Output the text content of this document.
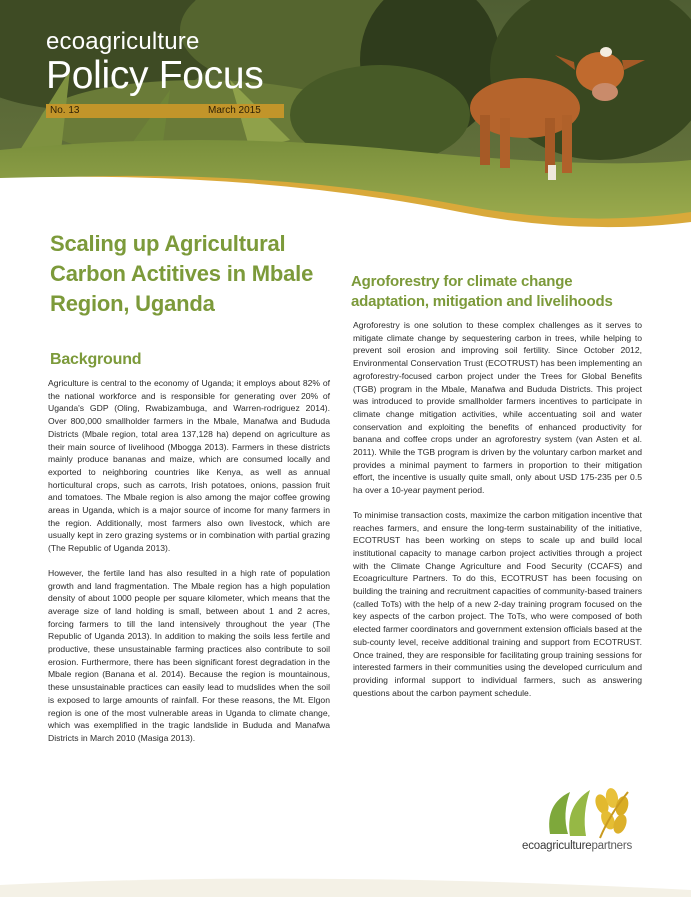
ecoagriculture
Policy Focus
No. 13	March 2015
Scaling up Agricultural Carbon Actitives in Mbale Region, Uganda
Background
Agroforestry for climate change adaptation, mitigation and livelihoods

Agriculture is central to the economy of Uganda; it employs about 82% of the national workforce and is responsible for generating over 20% of Uganda's GDP (Oling, Rwabizambuga, and Warren-rodriguez 2014). Over 800,000 smallholder farmers in the Mbale, Manafwa and Bududa Districts (Mbale region, total area 137,128 ha) depend on agriculture as their main source of livelihood (Mbogga 2013). Farmers in these districts mainly produce bananas and maize, which are consumed locally and exported to neighboring countries like Kenya, as well as annual horticultural crops, such as carrots, Irish potatoes, onions, passion fruit and tomatoes. The Mbale region is also among the major coffee growing areas in Uganda, which is a major source of income for many farmers in the region. Additionally, most farmers also own livestock, which are usually kept in zero grazing systems or in combination with partial grazing (The Republic of Uganda 2013).

However, the fertile land has also resulted in a high rate of population growth and land fragmentation. The Mbale region has a high population density of about 1000 people per square kilometer, which means that the average size of land holding is small, between about 1 and 2 acres, forcing farmers to till the land intensively throughout the year (The Republic of Uganda 2013). In addition to making the soils less fertile and productive, these unsustainable farming practices also contribute to soil erosion. Furthermore, there has been significant forest degradation in the Mbale region (Banana et al. 2014). Because the region is mountainous, these unsustainable practices can easily lead to mudslides when the soil is exposed to large amounts of rainfall. For these reasons, the Mt. Elgon region is one of the most vulnerable areas in Uganda to climate change, which was exemplified in the tragic landslide in Bududa and Manafwa Districts in March 2010 (Masiga 2013).

Agroforestry is one solution to these complex challenges as it serves to mitigate climate change by sequestering carbon in trees, while helping to prevent soil erosion and improving soil fertility. Since October 2012, Environmental Conservation Trust (ECOTRUST) has been implementing an agroforestry-focused carbon project under the Trees for Global Benefits (TGB) program in the Mbale, Manafwa and Bududa Districts. This project was introduced to provide smallholder farmers incentives to participate in climate change mitigation activities, while accentuating soil and water conservation and exploiting the benefits of enhanced productivity for banana and coffee crops under an agroforestry system (van Asten et al. 2011). While the TGB program is driven by the voluntary carbon market and provides a minimal payment to farmers in proportion to their mitigation effort, the incentive is usually quite small, only about USD 175-235 per 0.5 ha over a 10-year payment period.

To minimise transaction costs, maximize the carbon mitigation incentive that reaches farmers, and ensure the long-term sustainability of the initiative, ECOTRUST has been working on steps to scale up and build local institutional capacity to manage carbon project activities through a project with the Climate Change Agriculture and Food Security (CCAFS) and Ecoagriculture Partners. To do this, ECOTRUST has been focusing on building the training and recruitment capacities of community-based trainers (called ToTs) with the help of a new 2-day training program focused on the key aspects of the carbon project. The ToTs, who were composed of both elected farmer coordinators and government extension officials based at the sub-county level, receive additional training and support from ECOTRUST. Once trained, they are responsible for facilitating group training sessions for interested farmers in their communities using the developed curriculum and providing informal support to individual farmers, such as answering questions about the carbon payment schedule.

ecoagriculturepartners
